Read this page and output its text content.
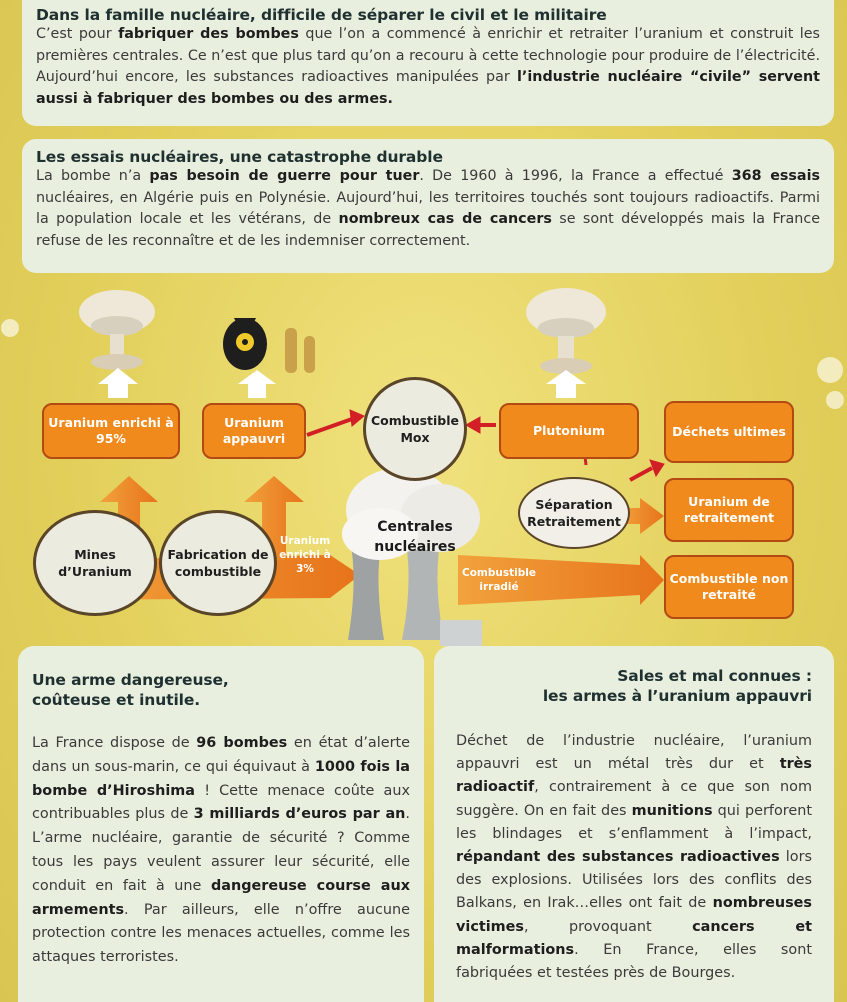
Dans la famille nucléaire, difficile de séparer le civil et le militaire

C’est pour fabriquer des bombes que l’on a commencé à enrichir et retraiter l’uranium et construit les premières centrales. Ce n’est que plus tard qu’on a recouru à cette technologie pour produire de l’électricité. Aujourd’hui encore, les substances radioactives manipulées par l’industrie nucléaire “civile” servent aussi à fabriquer des bombes ou des armes.

Les essais nucléaires, une catastrophe durable

La bombe n’a pas besoin de guerre pour tuer. De 1960 à 1996, la France a effectué 368 essais nucléaires, en Algérie puis en Polynésie. Aujourd’hui, les territoires touchés sont toujours radioactifs. Parmi la population locale et les vétérans, de nombreux cas de cancers se sont développés mais la France refuse de les reconnaître et de les indemniser correctement.

Uranium enrichi à 95%
Uranium appauvri
Combustible Mox	Plutonium	Déchets ultimes
Uranium de retraitement
Combustible non retraité
Séparation Retraitement
Centrales nucléaires
Mines d’Uranium
Fabrication de combustible
Uranium enrichi à 3%	Combustible irradié
Une arme dangereuse, coûteuse et inutile.

La France dispose de 96 bombes en état d’alerte dans un sous-marin, ce qui équivaut à 1000 fois la bombe d’Hiroshima ! Cette menace coûte aux contribuables plus de 3 milliards d’euros par an. L’arme nucléaire, garantie de sécurité ? Comme tous les pays veulent assurer leur sécurité, elle conduit en fait à une dangereuse course aux armements. Par ailleurs, elle n’offre aucune protection contre les menaces actuelles, comme les attaques terroristes.

Sales et mal connues :
les armes à l’uranium appauvri

Déchet de l’industrie nucléaire, l’uranium appauvri est un métal très dur et très radioactif, contrairement à ce que son nom suggère. On en fait des munitions qui perforent les blindages et s’enflamment à l’impact, répandant des substances radioactives lors des explosions. Utilisées lors des conflits des Balkans, en Irak…elles ont fait de nombreuses victimes, provoquant cancers et malformations. En France, elles sont fabriquées et testées près de Bourges.
